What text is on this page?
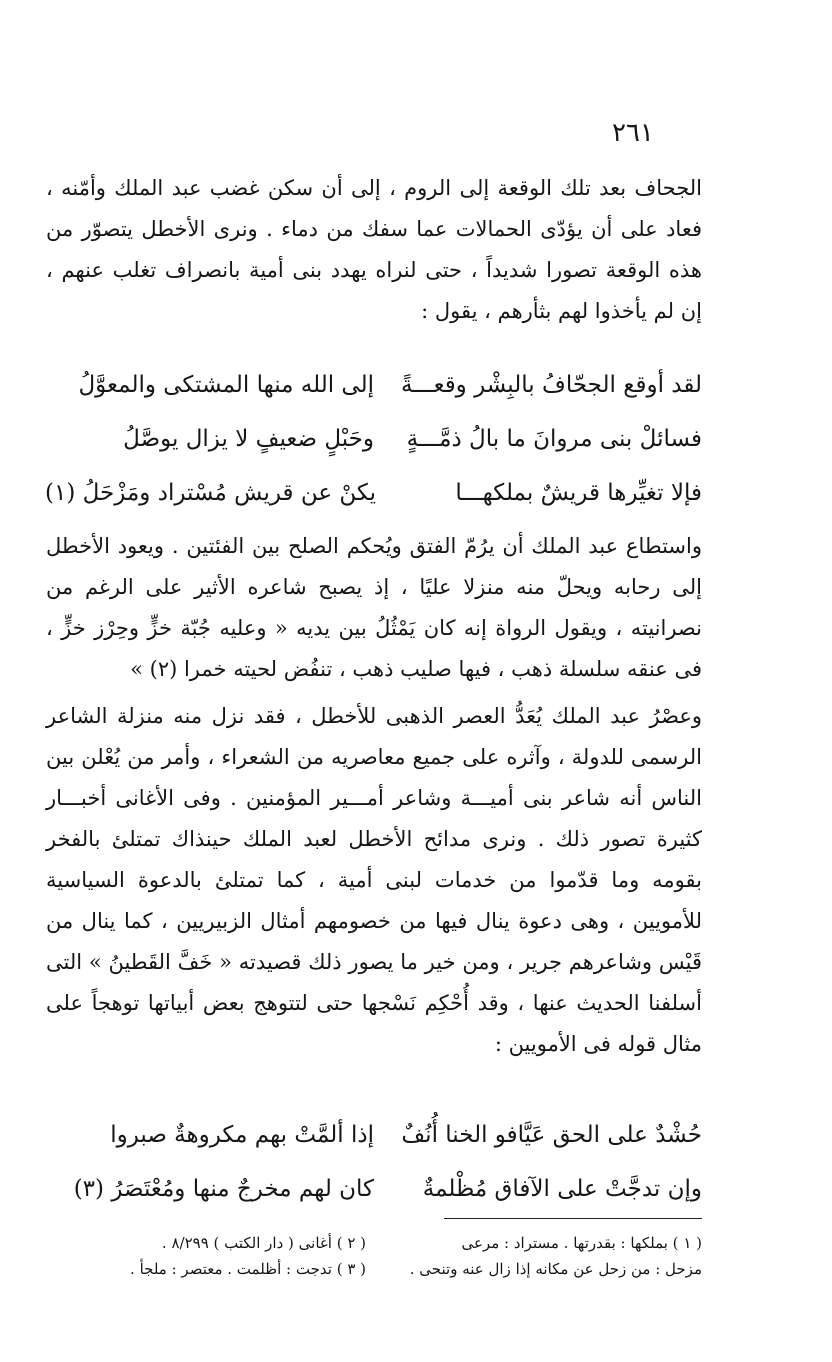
٢٦١
الجحاف بعد تلك الوقعة إلى الروم ، إلى أن سكن غضب عبد الملك وأمّنه ، فعاد على أن يؤدّى الحمالات عما سفك من دماء . ونرى الأخطل يتصوّر من هذه الوقعة تصورا شديداً ، حتى لنراه يهدد بنى أمية بانصراف تغلب عنهم ، إن لم يأخذوا لهم بثأرهم ، يقول :
لقد أوقع الجحّافُ بالبِشْر وقعـــةً
إلى الله منها المشتكى والمعوَّلُ
فسائلْ بنى مروانَ ما بالُ ذمَّـــةٍ
وحَبْلٍ ضعيفٍ لا يزال يوصَّلُ
فإلا تغيِّرها قريشٌ بملكهـــا
يكنْ عن قريش مُسْتراد ومَزْحَلُ (١)
واستطاع عبد الملك أن يرُمّ الفتق ويُحكم الصلح بين الفئتين . ويعود الأخطل إلى رحابه ويحلّ منه منزلا عليًا ، إذ يصبح شاعره الأثير على الرغم من نصرانيته ، ويقول الرواة إنه كان يَمْثُلُ بين يديه « وعليه جُبّة خزٍّ وحِرْز خزٍّ ، فى عنقه سلسلة ذهب ، فيها صليب ذهب ، تنفُض لحيته خمرا (٢) »
وعصْرُ عبد الملك يُعَدُّ العصر الذهبى للأخطل ، فقد نزل منه منزلة الشاعر الرسمى للدولة ، وآثره على جميع معاصريه من الشعراء ، وأمر من يُعْلن بين الناس أنه شاعر بنى أميـــة وشاعر أمـــير المؤمنين . وفى الأغانى أخبـــار كثيرة تصور ذلك . ونرى مدائح الأخطل لعبد الملك حينذاك تمتلئ بالفخر بقومه وما قدّموا من خدمات لبنى أمية ، كما تمتلئ بالدعوة السياسية للأمويين ، وهى دعوة ينال فيها من خصومهم أمثال الزبيريين ، كما ينال من قَيْس وشاعرهم جرير ، ومن خير ما يصور ذلك قصيدته « خَفَّ القَطينُ » التى أسلفنا الحديث عنها ، وقد أُحْكِم نَسْجها حتى لتتوهج بعض أبياتها توهجاً على مثال قوله فى الأمويين :
حُشْدٌ على الحق عَيَّافو الخنا أُنُفٌ
إذا ألمَّتْ بهم مكروهةٌ صبروا
وإن تدجَّتْ على الآفاق مُظْلمةٌ
كان لهم مخرجٌ منها ومُعْتَصَرُ (٣)
( ١ ) بملكها : بقدرتها . مستراد : مرعى
( ٢ ) أغانى ( دار الكتب ) ٨/٢٩٩ .
مزحل : من زحل عن مكانه إذا زال عنه وتنحى .
( ٣ ) تدجت : أظلمت . معتصر : ملجأ .
